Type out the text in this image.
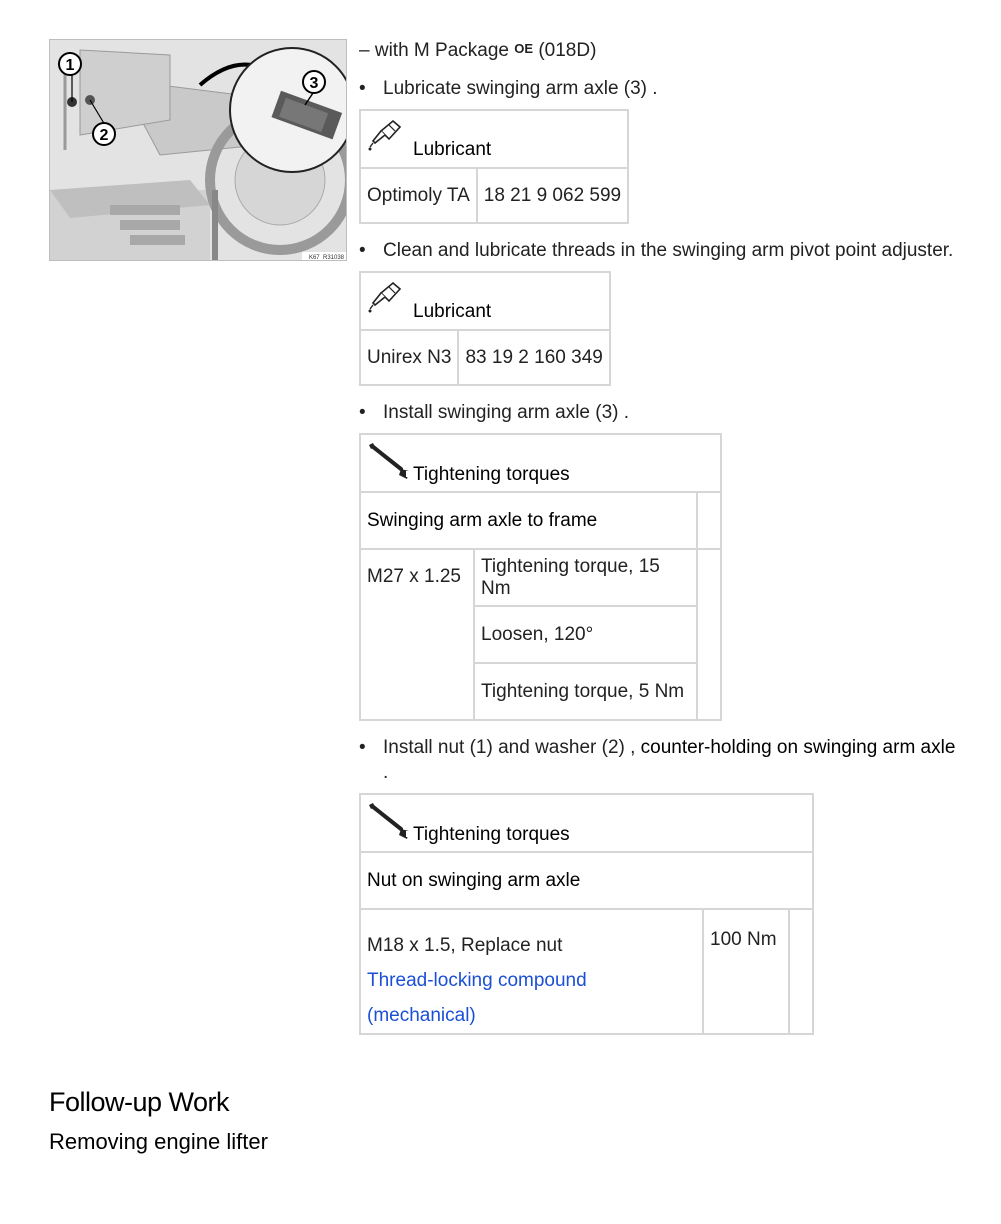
1
2
3
K67_R31038
– with M Package $^{OE}$ (018D)
• Lubricate swinging arm axle (3) .
Lubricant

Optimoly TA	18 21 9 062 599
• Clean and lubricate threads in the swinging arm pivot point adjuster.
Lubricant

Unirex N3	83 19 2 160 349
• Install swinging arm axle (3) .
Tightening torques		

Swinging arm axle to frame		
M27 x 1.25	Tightening torque, 15 Nm	
	Loosen, 120°	
	Tightening torque, 5 Nm	
• Install nut (1) and washer (2) , counter-holding on swinging arm axle .
Tightening torques

Nut on swinging arm axle

M18 x 1.5, Replace nut
Thread-locking compound (mechanical)
	100 Nm	
Follow-up Work
Removing engine lifter
